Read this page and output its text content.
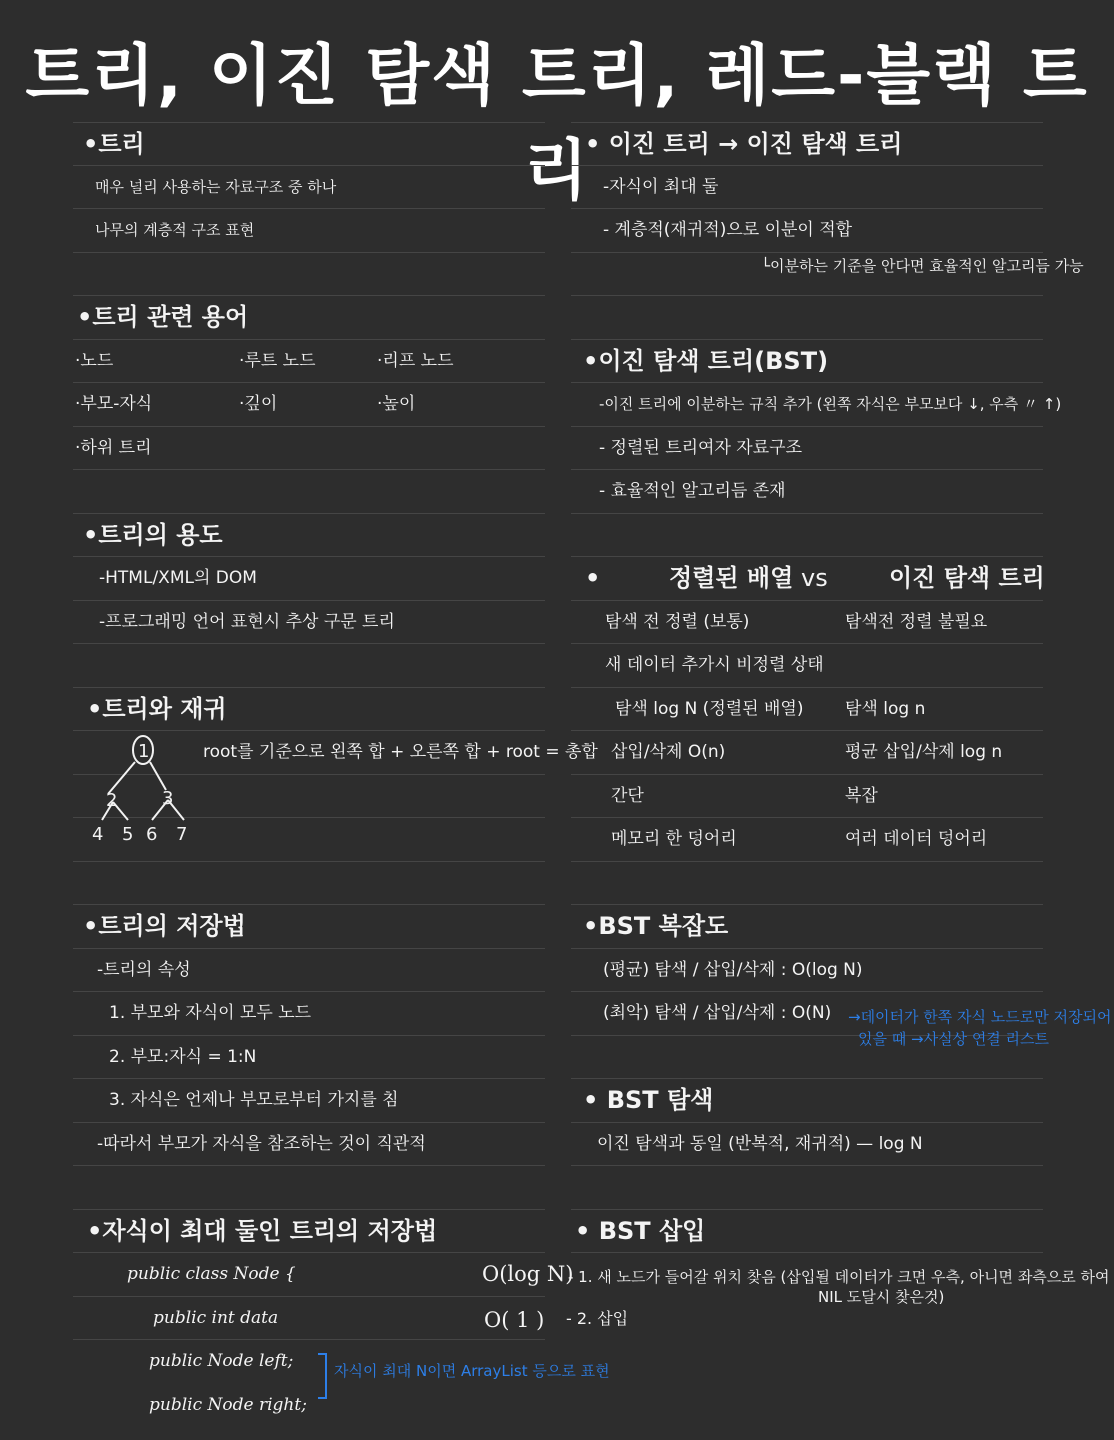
트리, 이진 탐색 트리, 레드-블랙 트리
•트리
매우 널리 사용하는 자료구조 중 하나
나무의 계층적 구조 표현
•트리 관련 용어
·노드	·루트 노드	·리프 노드
·부모-자식	·깊이	·높이
·하위 트리
•트리의 용도
-HTML/XML의 DOM
-프로그래밍 언어 표현시 추상 구문 트리
•트리와 재귀
root를 기준으로 왼쪽 합 + 오른쪽 합 + root = 총합
•트리의 저장법
-트리의 속성
1. 부모와 자식이 모두 노드
2. 부모:자식 = 1:N
3. 자식은 언제나 부모로부터 가지를 침
-따라서 부모가 자식을 참조하는 것이 직관적
•자식이 최대 둘인 트리의 저장법
public class Node {
public int data
public Node left;
public Node right;
1
2 3
4 5 6 7
자식이 최대 N이면 ArrayList 등으로 표현
• 이진 트리 → 이진 탐색 트리
-자식이 최대 둘
- 계층적(재귀적)으로 이분이 적합
└이분하는 기준을 안다면 효율적인 알고리듬 가능
•이진 탐색 트리(BST)
-이진 트리에 이분하는 규칙 추가 (왼쪽 자식은 부모보다 ↓, 우측 〃 ↑)
- 정렬된 트리여자 자료구조
- 효율적인 알고리듬 존재
•	정렬된 배열 vs	이진 탐색 트리
탐색 전 정렬 (보통)	탐색전 정렬 불필요
새 데이터 추가시 비정렬 상태
탐색 log N (정렬된 배열) 탐색 log n
삽입/삭제 O(n)	평균 삽입/삭제 log n
간단	복잡
메모리 한 덩어리	여러 데이터 덩어리
•BST 복잡도
(평균) 탐색 / 삽입/삭제 : O(log N)
(최악) 탐색 / 삽입/삭제 : O(N)
• BST 탐색
이진 탐색과 동일 (반복적, 재귀적) — log N
• BST 삽입
→데이터가 한쪽 자식 노드로만 저장되어
있을 때 →사실상 연결 리스트
O(log N)
- 1. 새 노드가 들어갈 위치 찾음 (삽입될 데이터가 크면 우측, 아니면 좌측으로 하여
NIL 도달시 찾은것)
O( 1 ) - 2. 삽입
